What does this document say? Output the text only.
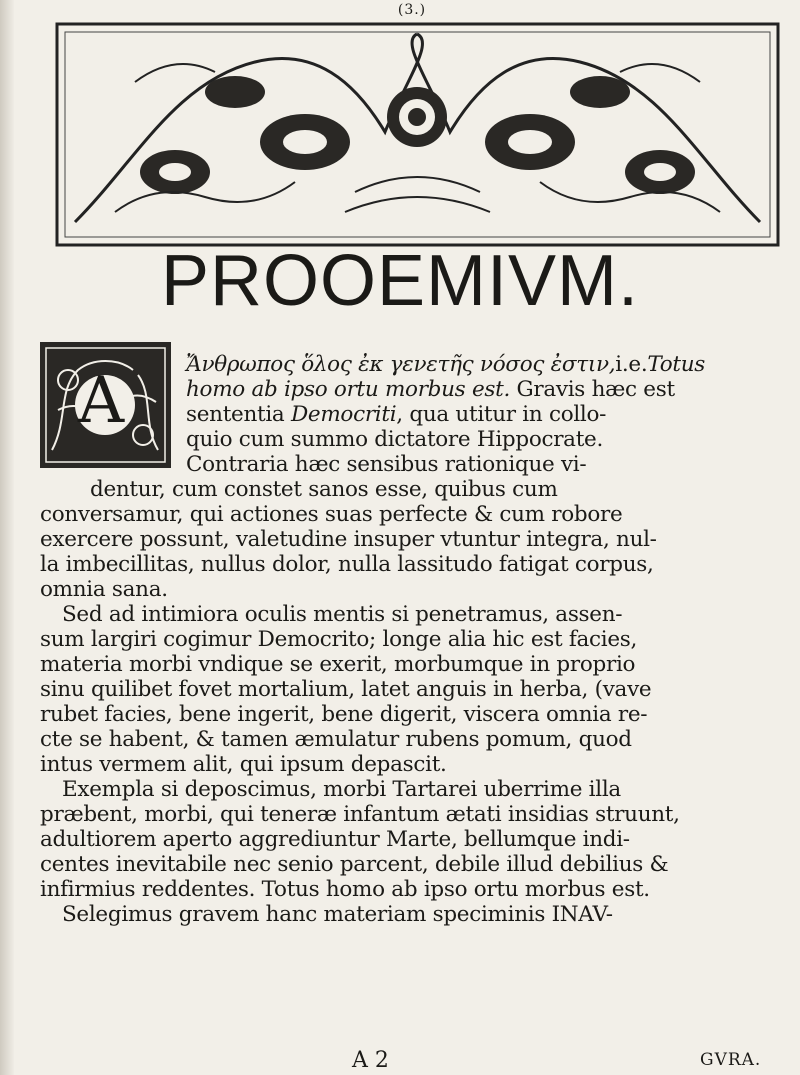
(3.)
PROOEMIVM.
A	Ἄνθρωπος ὅλος ἐκ γενετῆς νόσος ἐστιν,i.e.Totus
homo ab ipso ortu morbus est. Gravis hæc est
sententia Democriti, qua utitur in collo-
quio cum summo dictatore Hippocrate.
Contraria hæc sensibus rationique vi-
dentur, cum constet sanos esse, quibus cum
conversamur, qui actiones suas perfecte & cum robore
exercere possunt, valetudine insuper vtuntur integra, nul-
la imbecillitas, nullus dolor, nulla lassitudo fatigat corpus,
omnia sana.
Sed ad intimiora oculis mentis si penetramus, assen-
sum largiri cogimur Democrito; longe alia hic est facies,
materia morbi vndique se exerit, morbumque in proprio
sinu quilibet fovet mortalium, latet anguis in herba, (vave
rubet facies, bene ingerit, bene digerit, viscera omnia re-
cte se habent, & tamen æmulatur rubens pomum, quod
intus vermem alit, qui ipsum depascit.
Exempla si deposcimus, morbi Tartarei uberrime illa
præbent, morbi, qui teneræ infantum ætati insidias struunt,
adultiorem aperto aggrediuntur Marte, bellumque indi-
centes inevitabile nec senio parcent, debile illud debilius &
infirmius reddentes. Totus homo ab ipso ortu morbus est.
Selegimus gravem hanc materiam speciminis INAV-
A 2	GVRA.
